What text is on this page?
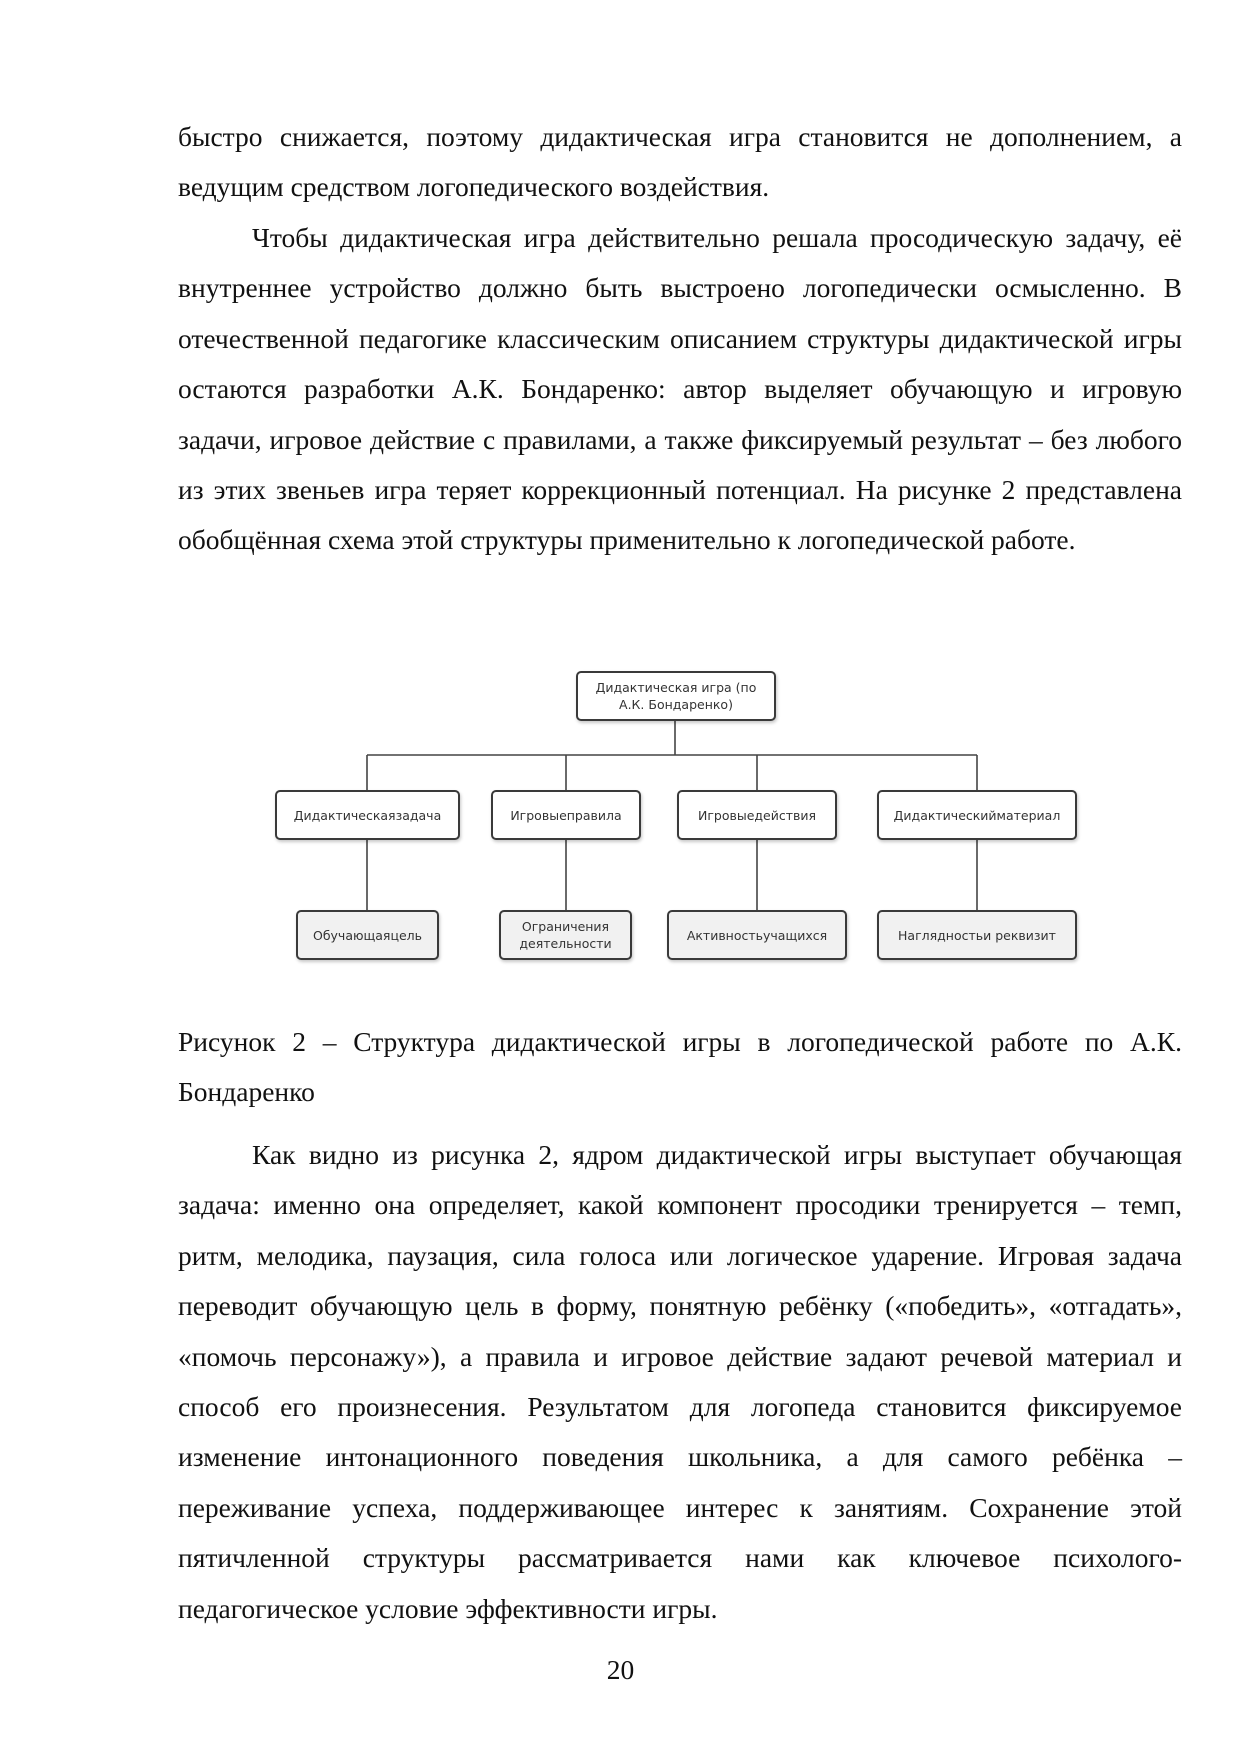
быстро снижается, поэтому дидактическая игра становится не дополнением, а ведущим средством логопедического воздействия.

Чтобы дидактическая игра действительно решала просодическую задачу, её внутреннее устройство должно быть выстроено логопедически осмысленно. В отечественной педагогике классическим описанием структуры дидактической игры остаются разработки А.К. Бондаренко: автор выделяет обучающую и игровую задачи, игровое действие с правилами, а также фиксируемый результат – без любого из этих звеньев игра теряет коррекционный потенциал. На рисунке 2 представлена обобщённая схема этой структуры применительно к логопедической работе.

Дидактическая игра (по А.К. Бондаренко)
Дидактическаязадача	Игровыеправила	Игровыедействия	Дидактическийматериал
Обучающаяцель
Ограничения деятельности
Активностьучащихся	Наглядностьи реквизит

Рисунок 2 – Структура дидактической игры в логопедической работе по А.К. Бондаренко

Как видно из рисунка 2, ядром дидактической игры выступает обучающая задача: именно она определяет, какой компонент просодики тренируется – темп, ритм, мелодика, паузация, сила голоса или логическое ударение. Игровая задача переводит обучающую цель в форму, понятную ребёнку («победить», «отгадать», «помочь персонажу»), а правила и игровое действие задают речевой материал и способ его произнесения. Результатом для логопеда становится фиксируемое изменение интонационного поведения школьника, а для самого ребёнка – переживание успеха, поддерживающее интерес к занятиям. Сохранение этой пятичленной структуры рассматривается нами как ключевое психолого-педагогическое условие эффективности игры.

20
